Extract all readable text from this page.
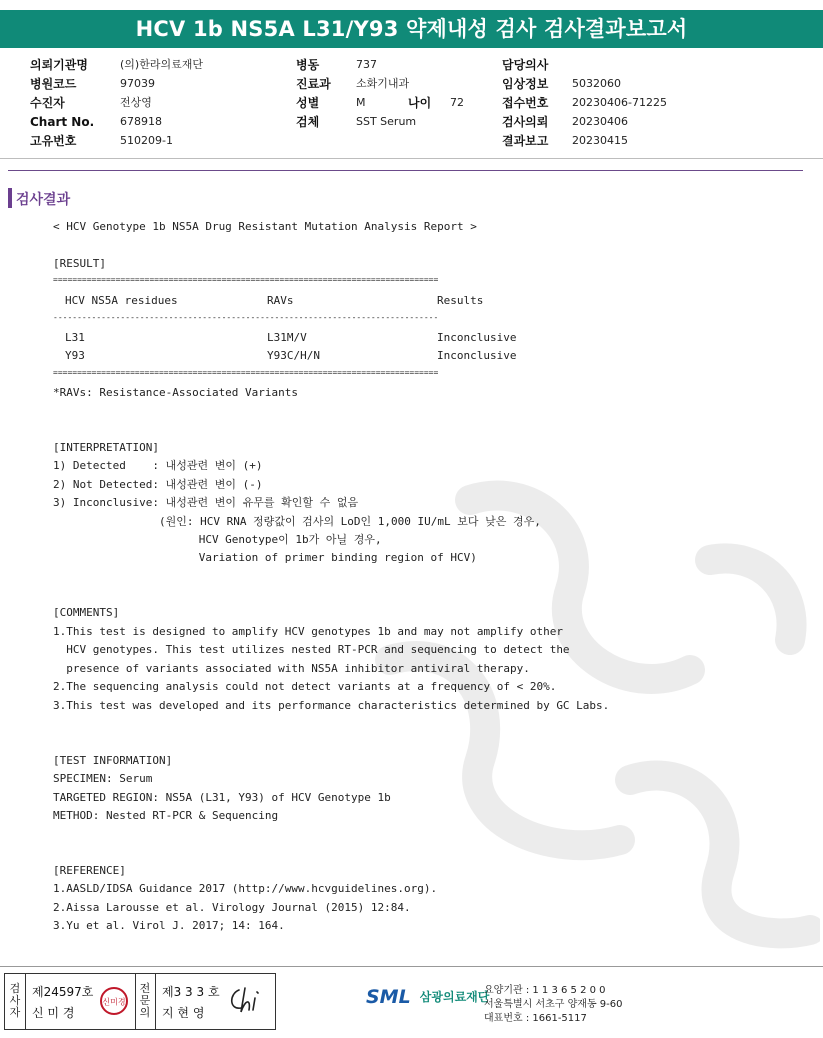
HCV 1b NS5A L31/Y93 약제내성 검사 검사결과보고서
의뢰기관명	(의)한라의료재단
병원코드	97039
수진자	전상영
Chart No.	678918
고유번호	510209-1
병동	737
진료과	소화기내과
성별	M	나이	72
검체	SST Serum
담당의사
임상정보	5032060
접수번호	20230406-71225
검사의뢰	20230406
결과보고	20230415
검사결과
< HCV Genotype 1b NS5A Drug Resistant Mutation Analysis Report >
[RESULT]
================================================================================
HCV NS5A residues	RAVs	Results
--------------------------------------------------------------------------------
L31	L31M/V	Inconclusive
Y93	Y93C/H/N	Inconclusive
================================================================================
*RAVs: Resistance-Associated Variants
[INTERPRETATION]
1) Detected    : 내성관련 변이 (+)
2) Not Detected: 내성관련 변이 (-)
3) Inconclusive: 내성관련 변이 유무를 확인할 수 없음
(원인: HCV RNA 정량값이 검사의 LoD인 1,000 IU/mL 보다 낮은 경우,
HCV Genotype이 1b가 아닐 경우,
Variation of primer binding region of HCV)
[COMMENTS]
1.This test is designed to amplify HCV genotypes 1b and may not amplify other
HCV genotypes. This test utilizes nested RT-PCR and sequencing to detect the
presence of variants associated with NS5A inhibitor antiviral therapy.
2.The sequencing analysis could not detect variants at a frequency of < 20%.
3.This test was developed and its performance characteristics determined by GC Labs.
[TEST INFORMATION]
SPECIMEN: Serum
TARGETED REGION: NS5A (L31, Y93) of HCV Genotype 1b
METHOD: Nested RT-PCR & Sequencing
[REFERENCE]
1.AASLD/IDSA Guidance 2017 (http://www.hcvguidelines.org).
2.Aissa Larousse et al. Virology Journal (2015) 12:84.
3.Yu et al. Virol J. 2017; 14: 164.
검
사
자
제24597호
신 미 경
신미경
전
문
의
제3 3 3 호
지 현 영
SML 삼광의료재단
요양기관 : 1 1 3 6 5 2 0 0
서울특별시 서초구 양재동 9-60
대표번호 : 1661-5117
